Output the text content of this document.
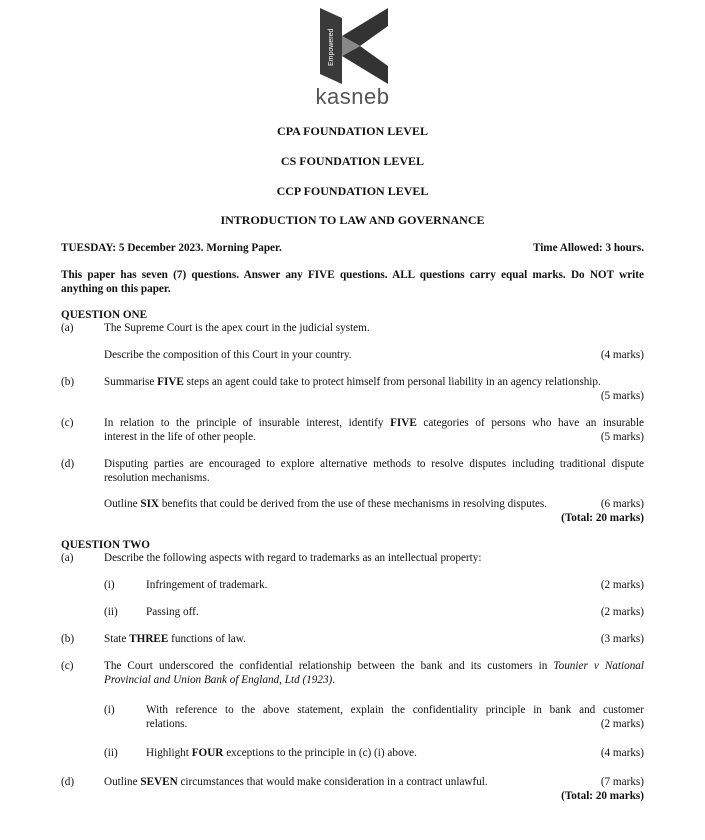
Empowered
kasneb
CPA FOUNDATION LEVEL
CS FOUNDATION LEVEL
CCP FOUNDATION LEVEL
INTRODUCTION TO LAW AND GOVERNANCE
TUESDAY: 5 December 2023. Morning Paper.	Time Allowed: 3 hours.
This paper has seven (7) questions. Answer any FIVE questions. ALL questions carry equal marks. Do NOT write anything on this paper.
QUESTION ONE
(a)	The Supreme Court is the apex court in the judicial system.
Describe the composition of this Court in your country.	(4 marks)
(b)	Summarise FIVE steps an agent could take to protect himself from personal liability in an agency relationship.
(5 marks)
(c)	In relation to the principle of insurable interest, identify FIVE categories of persons who have an insurable
interest in the life of other people.	(5 marks)
(d)	Disputing parties are encouraged to explore alternative methods to resolve disputes including traditional dispute resolution mechanisms.
Outline SIX benefits that could be derived from the use of these mechanisms in resolving disputes.	(6 marks)
(Total: 20 marks)
QUESTION TWO
(a)	Describe the following aspects with regard to trademarks as an intellectual property:
(i)	Infringement of trademark.	(2 marks)
(ii)	Passing off.	(2 marks)
(b)	State THREE functions of law.	(3 marks)
(c)	The Court underscored the confidential relationship between the bank and its customers in Tounier v National
Provincial and Union Bank of England, Ltd (1923).
(i)	With reference to the above statement, explain the confidentiality principle in bank and customer
relations.	(2 marks)
(ii)	Highlight FOUR exceptions to the principle in (c) (i) above.	(4 marks)
(d)	Outline SEVEN circumstances that would make consideration in a contract unlawful.	(7 marks)
(Total: 20 marks)
